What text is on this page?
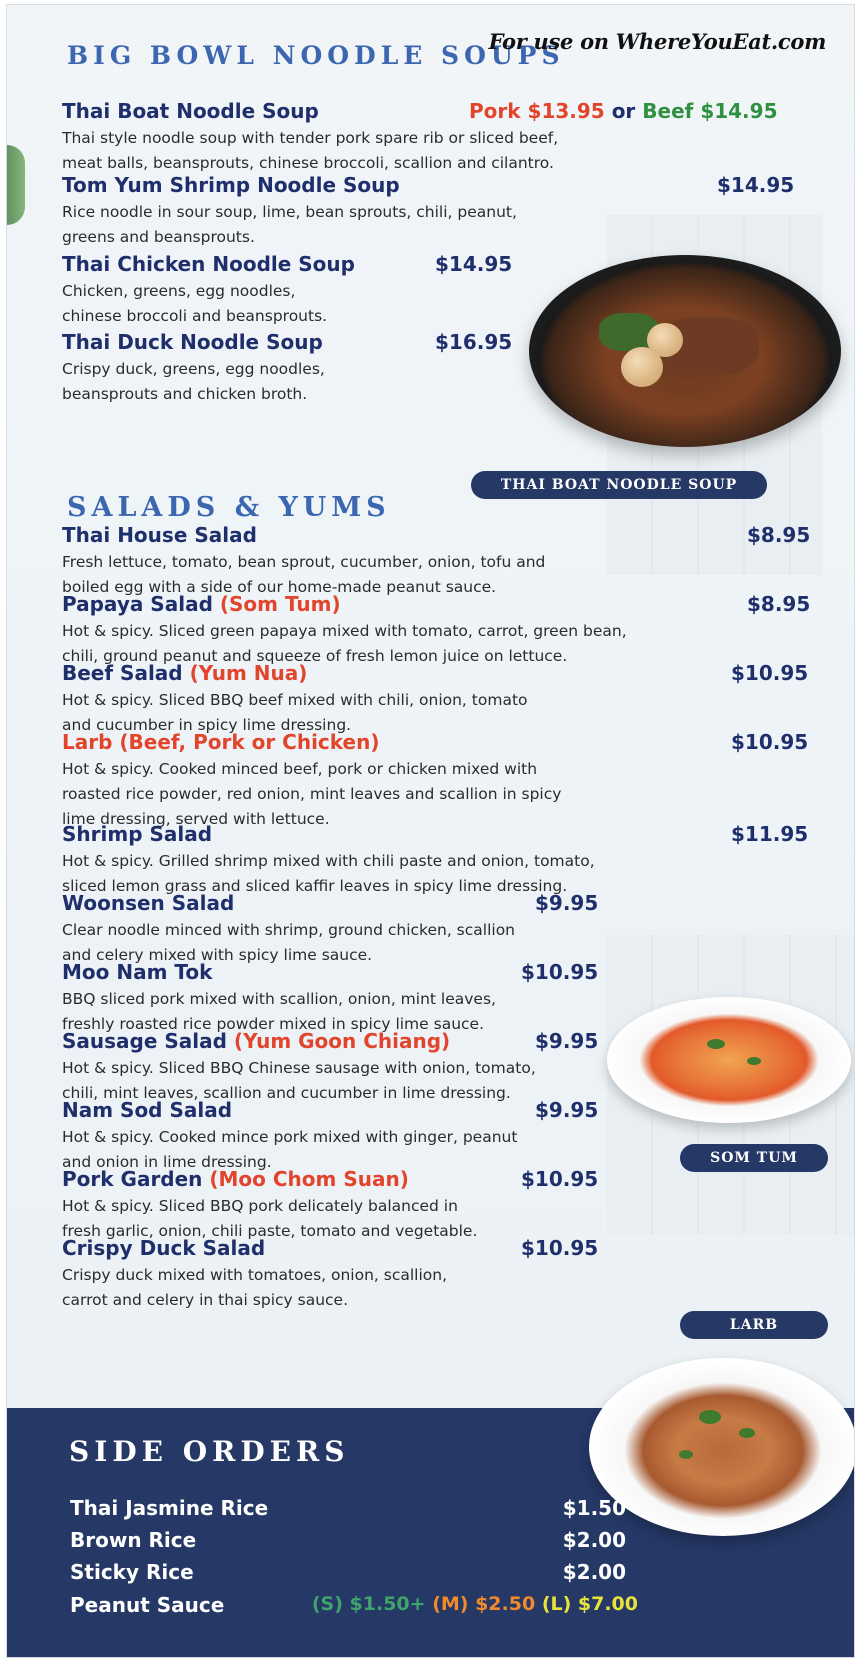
BIG BOWL NOODLE SOUPS
For use on WhereYouEat.com
Thai Boat Noodle Soup	Pork $13.95 or Beef $14.95
Thai style noodle soup with tender pork spare rib or sliced beef,
meat balls, beansprouts, chinese broccoli, scallion and cilantro.
Tom Yum Shrimp Noodle Soup	$14.95
Rice noodle in sour soup, lime, bean sprouts, chili, peanut,
greens and beansprouts.
Thai Chicken Noodle Soup	$14.95
Chicken, greens, egg noodles,
chinese broccoli and beansprouts.
Thai Duck Noodle Soup	$16.95
Crispy duck, greens, egg noodles,
beansprouts and chicken broth.
THAI BOAT NOODLE SOUP
SALADS & YUMS
Thai House Salad	$8.95
Fresh lettuce, tomato, bean sprout, cucumber, onion, tofu and
boiled egg with a side of our home-made peanut sauce.
Papaya Salad (Som Tum)	$8.95
Hot & spicy. Sliced green papaya mixed with tomato, carrot, green bean,
chili, ground peanut and squeeze of fresh lemon juice on lettuce.
Beef Salad (Yum Nua)	$10.95
Hot & spicy. Sliced BBQ beef mixed with chili, onion, tomato
and cucumber in spicy lime dressing.
Larb (Beef, Pork or Chicken)	$10.95
Hot & spicy. Cooked minced beef, pork or chicken mixed with
roasted rice powder, red onion, mint leaves and scallion in spicy
lime dressing, served with lettuce.
Shrimp Salad	$11.95
Hot & spicy. Grilled shrimp mixed with chili paste and onion, tomato,
sliced lemon grass and sliced kaffir leaves in spicy lime dressing.
Woonsen Salad	$9.95
Clear noodle minced with shrimp, ground chicken, scallion
and celery mixed with spicy lime sauce.
Moo Nam Tok	$10.95
BBQ sliced pork mixed with scallion, onion, mint leaves,
freshly roasted rice powder mixed in spicy lime sauce.
Sausage Salad (Yum Goon Chiang)	$9.95
Hot & spicy. Sliced BBQ Chinese sausage with onion, tomato,
chili, mint leaves, scallion and cucumber in lime dressing.
Nam Sod Salad	$9.95
Hot & spicy. Cooked mince pork mixed with ginger, peanut
and onion in lime dressing.
Pork Garden (Moo Chom Suan)	$10.95
Hot & spicy. Sliced BBQ pork delicately balanced in
fresh garlic, onion, chili paste, tomato and vegetable.
Crispy Duck Salad	$10.95
Crispy duck mixed with tomatoes, onion, scallion,
carrot and celery in thai spicy sauce.
SOM TUM
LARB
SIDE ORDERS
Thai Jasmine Rice	$1.50
Brown Rice	$2.00
Sticky Rice	$2.00
Peanut Sauce	(S) $1.50+ (M) $2.50 (L) $7.00
